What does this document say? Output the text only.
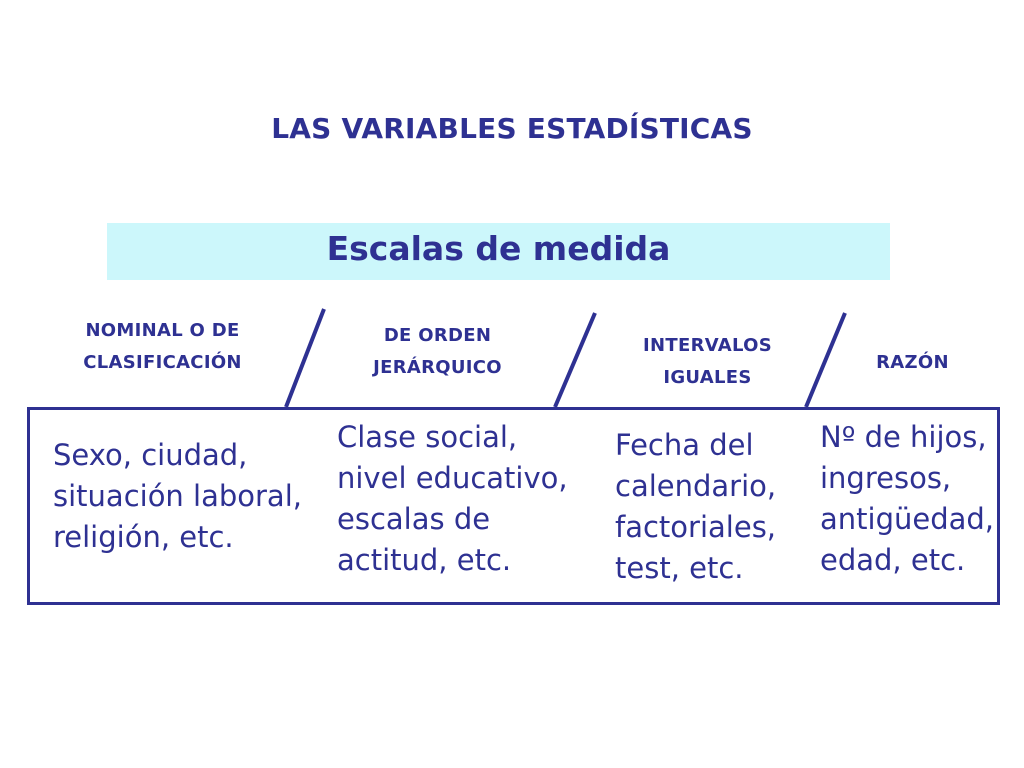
LAS VARIABLES ESTADÍSTICAS
Escalas de medida
NOMINAL O DE
CLASIFICACIÓN
DE ORDEN
JERÁRQUICO
INTERVALOS
IGUALES
RAZÓN
Sexo, ciudad,
situación laboral,
religión, etc.
Clase social,
nivel educativo,
escalas de
actitud, etc.
Fecha del
calendario,
factoriales,
test, etc.
Nº de hijos,
ingresos,
antigüedad,
edad, etc.
